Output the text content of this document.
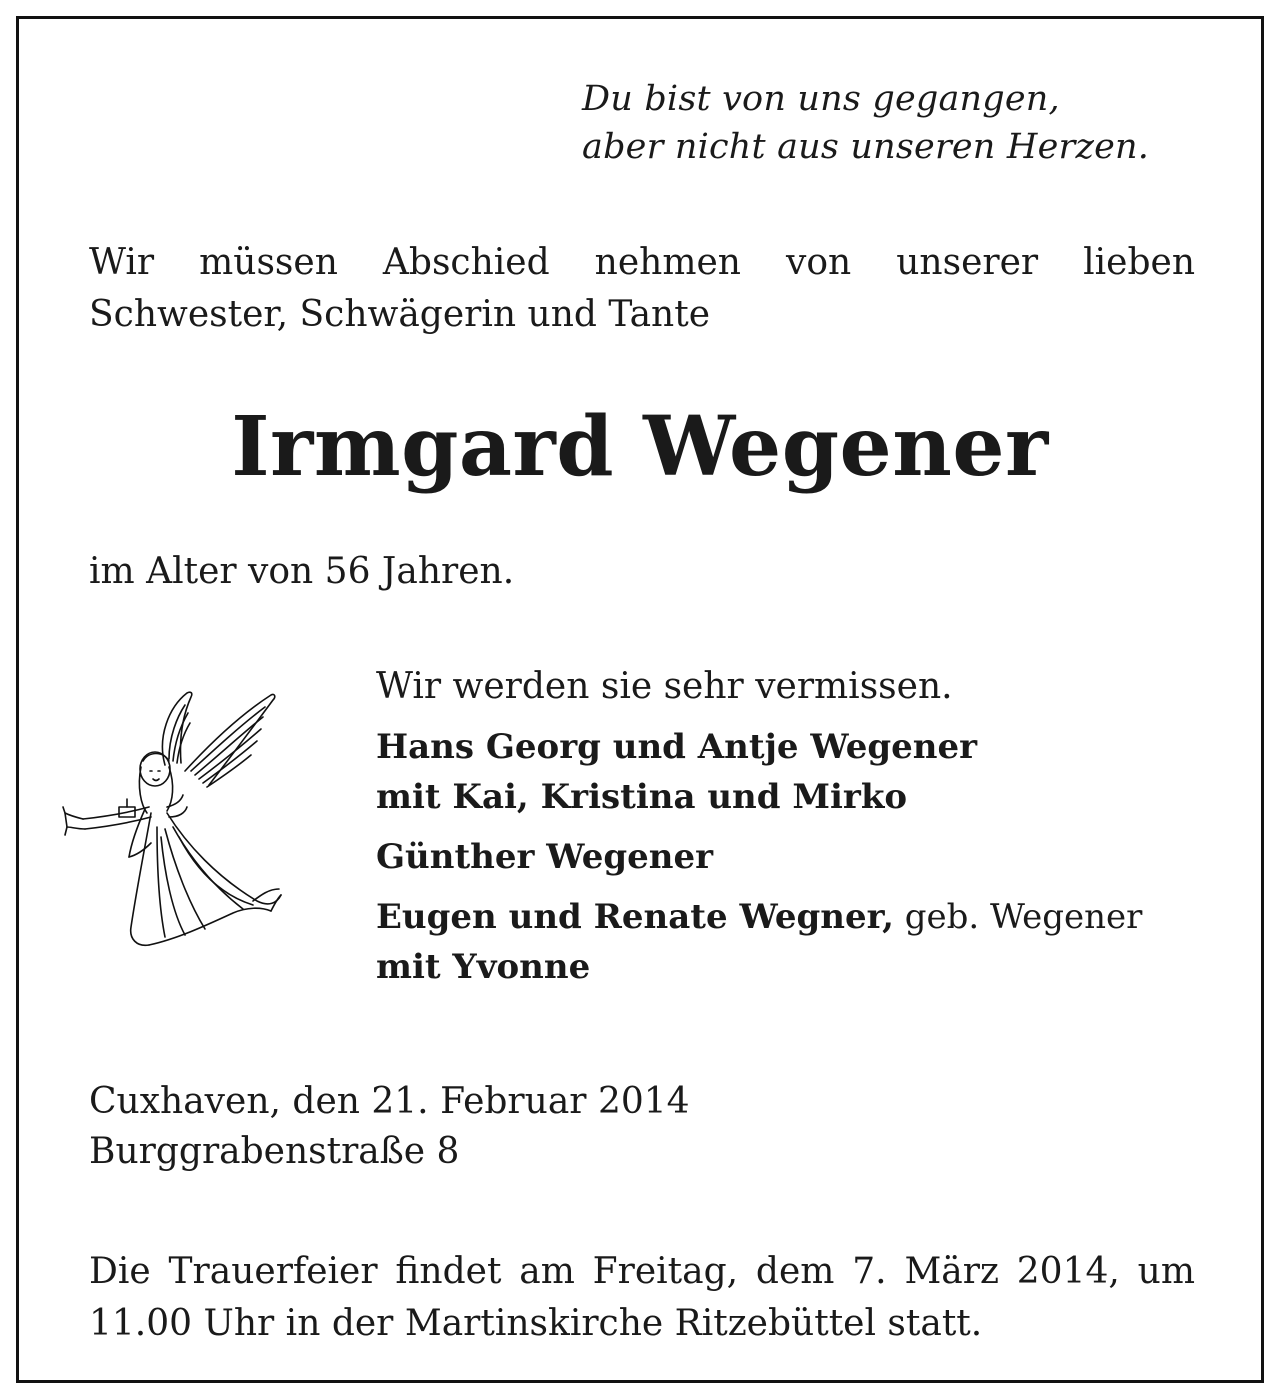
Du bist von uns gegangen,
aber nicht aus unseren Herzen.
Wir müssen Abschied nehmen von unserer lieben
Schwester, Schwägerin und Tante
Irmgard Wegener
im Alter von 56 Jahren.
Wir werden sie sehr vermissen.
Hans Georg und Antje Wegener
mit Kai, Kristina und Mirko
Günther Wegener
Eugen und Renate Wegner, geb. Wegener
mit Yvonne
Cuxhaven, den 21. Februar 2014
Burggrabenstraße 8
Die Trauerfeier findet am Freitag, dem 7. März 2014, um
11.00 Uhr in der Martinskirche Ritzebüttel statt.
